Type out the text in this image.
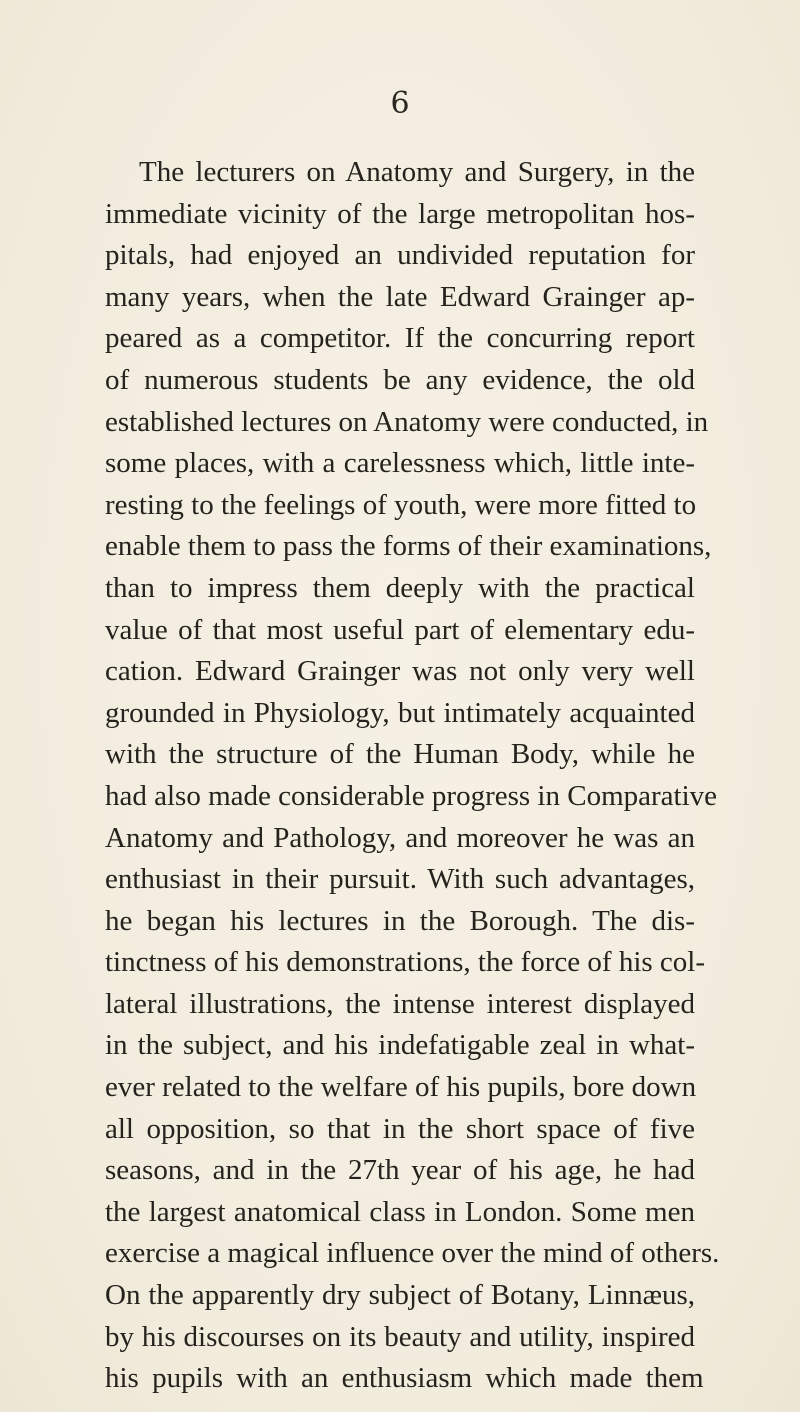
6
The lecturers on Anatomy and Surgery, in the
immediate vicinity of the large metropolitan hos-
pitals, had enjoyed an undivided reputation for
many years, when the late Edward Grainger ap-
peared as a competitor. If the concurring report
of numerous students be any evidence, the old
established lectures on Anatomy were conducted, in
some places, with a carelessness which, little inte-
resting to the feelings of youth, were more fitted to
enable them to pass the forms of their examinations,
than to impress them deeply with the practical
value of that most useful part of elementary edu-
cation. Edward Grainger was not only very well
grounded in Physiology, but intimately acquainted
with the structure of the Human Body, while he
had also made considerable progress in Comparative
Anatomy and Pathology, and moreover he was an
enthusiast in their pursuit. With such advantages,
he began his lectures in the Borough. The dis-
tinctness of his demonstrations, the force of his col-
lateral illustrations, the intense interest displayed
in the subject, and his indefatigable zeal in what-
ever related to the welfare of his pupils, bore down
all opposition, so that in the short space of five
seasons, and in the 27th year of his age, he had
the largest anatomical class in London. Some men
exercise a magical influence over the mind of others.
On the apparently dry subject of Botany, Linnæus,
by his discourses on its beauty and utility, inspired
his pupils with an enthusiasm which made them
